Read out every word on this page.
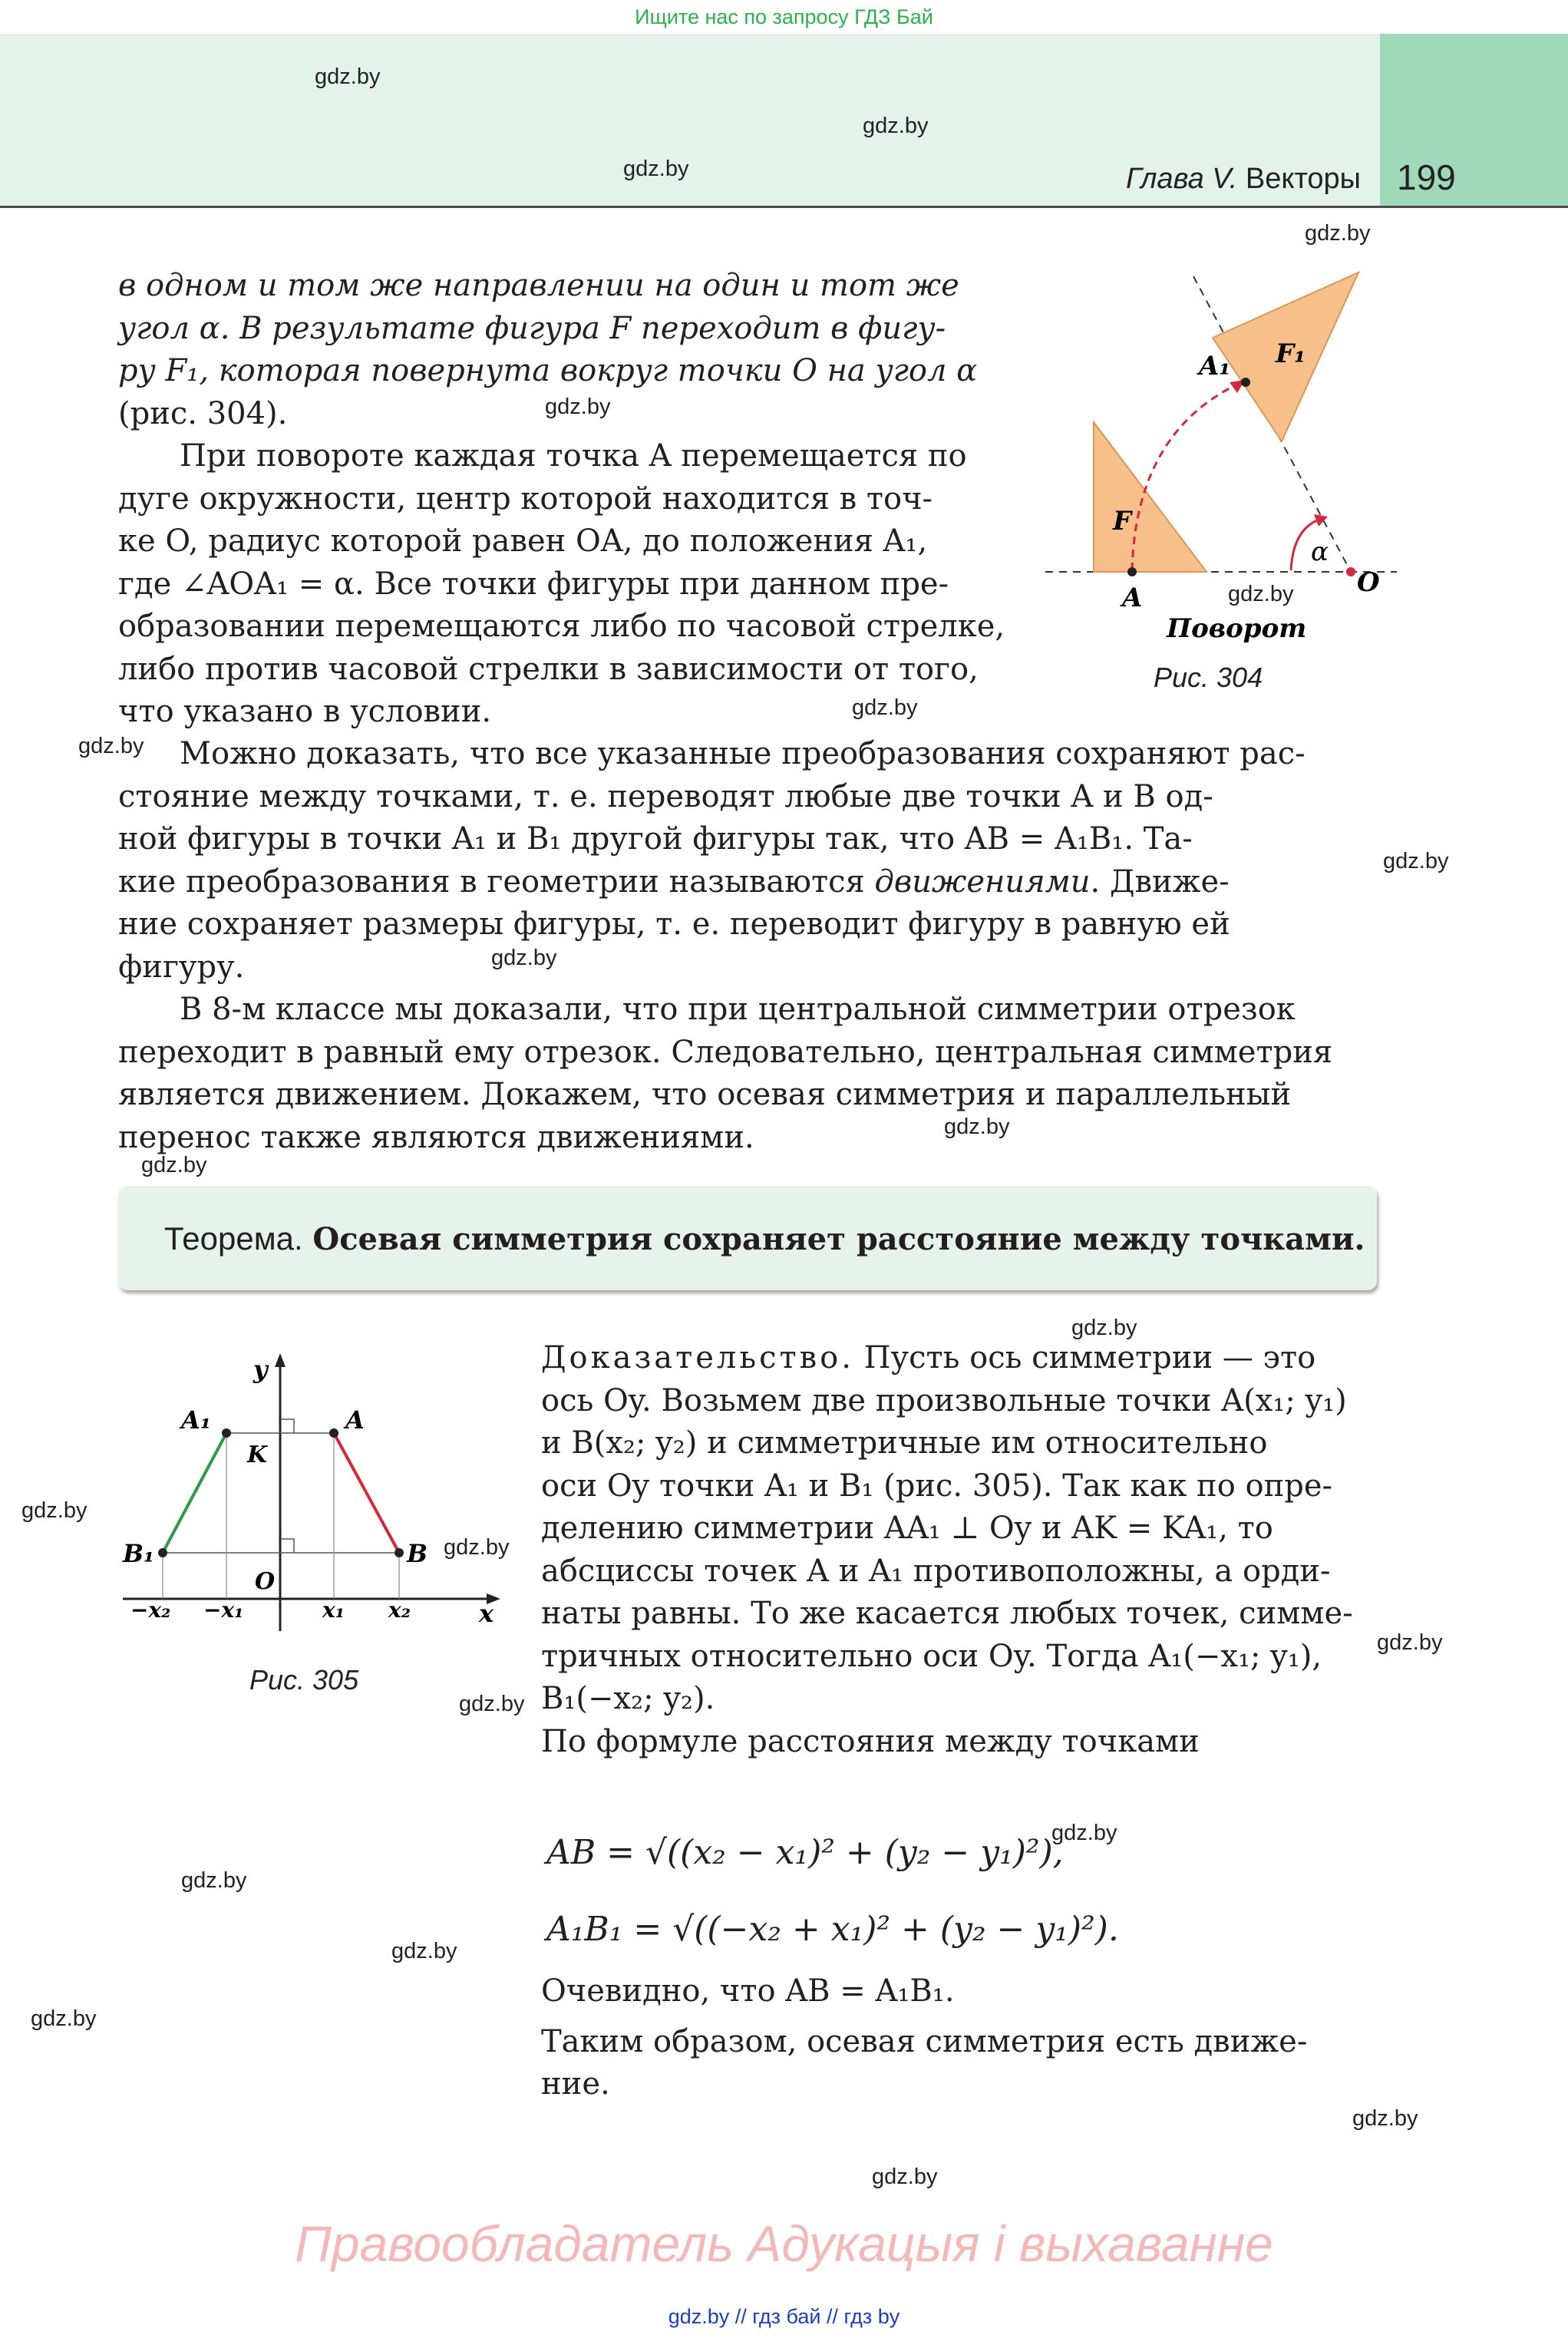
Ищите нас по запросу ГДЗ Бай
Глава V. Векторы 199
gdz.by
gdz.by
gdz.by
gdz.by
gdz.by
gdz.by
gdz.by
gdz.by
gdz.by
gdz.by
gdz.by
gdz.by
gdz.by
gdz.by
gdz.by
gdz.by
gdz.by
gdz.by
gdz.by
gdz.by
gdz.by
gdz.by
gdz.by

в одном и том же направлении на один и тот же

угол α. В результате фигура F переходит в фигу-

ру F₁, которая повернута вокруг точки O на угол α

(рис. 304).

При повороте каждая точка A перемещается по

дуге окружности, центр которой находится в точ-

ке O, радиус которой равен OA, до положения A₁,

где ∠AOA₁ = α. Все точки фигуры при данном пре-

образовании перемещаются либо по часовой стрелке,

либо против часовой стрелки в зависимости от того,

что указано в условии.

Можно доказать, что все указанные преобразования сохраняют рас-

стояние между точками, т. е. переводят любые две точки A и B од-

ной фигуры в точки A₁ и B₁ другой фигуры так, что AB = A₁B₁. Та-

кие преобразования в геометрии называются движениями. Движе-

ние сохраняет размеры фигуры, т. е. переводит фигуру в равную ей

фигуру.

В 8-м классе мы доказали, что при центральной симметрии отрезок

переходит в равный ему отрезок. Следовательно, центральная симметрия

является движением. Докажем, что осевая симметрия и параллельный

перенос также являются движениями.

Теорема. Осевая симметрия сохраняет расстояние между точками.
F
F₁
A
A₁
O
α
Поворот
Рис. 304
y
x
A₁	A
B₁	B
K
O
−x₂ −x₁	x₁ x₂
Рис. 305

Доказательство. Пусть ось симметрии — это

ось Oy. Возьмем две произвольные точки A(x₁; y₁)

и B(x₂; y₂) и симметричные им относительно

оси Oy точки A₁ и B₁ (рис. 305). Так как по опре-

делению симметрии AA₁ ⊥ Oy и AK = KA₁, то

абсциссы точек A и A₁ противоположны, а орди-

наты равны. То же касается любых точек, симме-

тричных относительно оси Oy. Тогда A₁(−x₁; y₁),

B₁(−x₂; y₂).

По формуле расстояния между точками

AB = √((x₂ − x₁)² + (y₂ − y₁)²),
A₁B₁ = √((−x₂ + x₁)² + (y₂ − y₁)²).

Очевидно, что AB = A₁B₁.

Таким образом, осевая симметрия есть движе-

ние.

Правообладатель Адукацыя і выхаванне
gdz.by // гдз бай // гдз by
